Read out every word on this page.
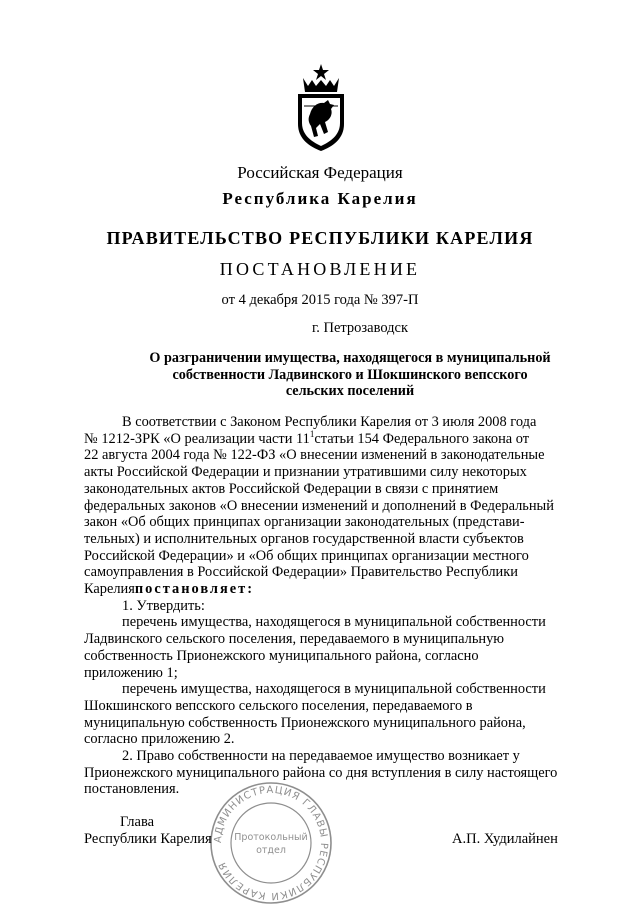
Российская Федерация
Республика Карелия
ПРАВИТЕЛЬСТВО РЕСПУБЛИКИ КАРЕЛИЯ
ПОСТАНОВЛЕНИЕ
от 4 декабря 2015 года № 397-П
г. Петрозаводск
О разграничении имущества, находящегося в муниципальной
собственности Ладвинского и Шокшинского вепсского
сельских поселений
В соответствии с Законом Республики Карелия от 3 июля 2008 года
№ 1212-ЗРК «О реализации части $11^1статьи$ 154 Федерального закона от
22 августа 2004 года № 122-ФЗ «О внесении изменений в законодательные
акты Российской Федерации и признании утратившими силу некоторых
законодательных актов Российской Федерации в связи с принятием
федеральных законов «О внесении изменений и дополнений в Федеральный
закон «Об общих принципах организации законодательных (представи-
тельных) и исполнительных органов государственной власти субъектов
Российской Федерации» и «Об общих принципах организации местного
самоуправления в Российской Федерации» Правительство Республики
Карелияпостановляет:
1. Утвердить:
перечень имущества, находящегося в муниципальной собственности
Ладвинского сельского поселения, передаваемого в муниципальную
собственность Прионежского муниципального района, согласно
приложению 1;
перечень имущества, находящегося в муниципальной собственности
Шокшинского вепсского сельского поселения, передаваемого в
муниципальную собственность Прионежского муниципального района,
согласно приложению 2.
2. Право собственности на передаваемое имущество возникает у
Прионежского муниципального района со дня вступления в силу настоящего
постановления.
Глава
Республики Карелия	А.П. Худилайнен
АДМИНИСТРАЦИЯ ГЛАВЫ РЕСПУБЛИКИ КАРЕЛИЯ
Протокольный
отдел
